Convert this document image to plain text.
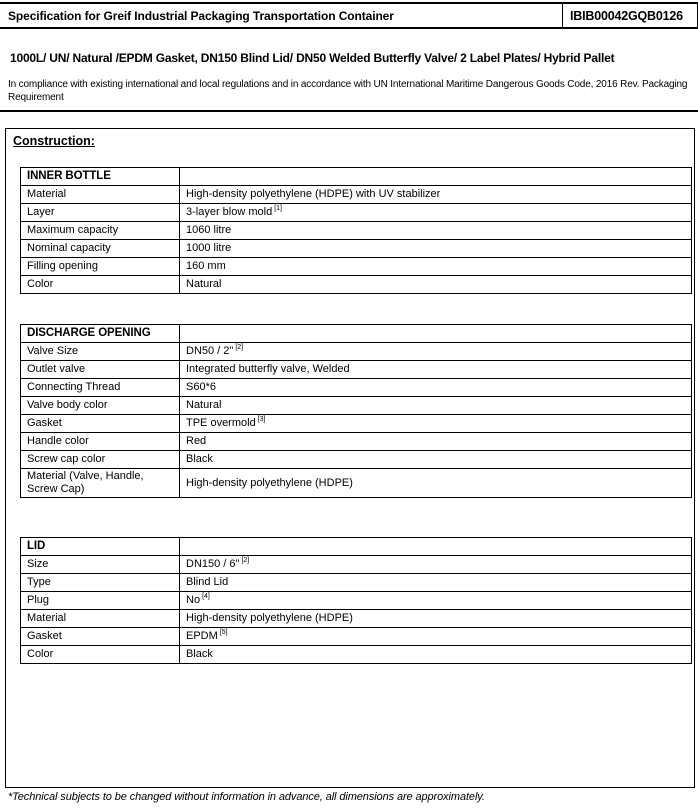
Specification for Greif Industrial Packaging Transportation Container	IBIB00042GQB0126
1000L/ UN/ Natural /EPDM Gasket, DN150 Blind Lid/ DN50 Welded Butterfly Valve/ 2 Label Plates/ Hybrid Pallet
In compliance with existing international and local regulations and in accordance with UN International Maritime Dangerous Goods Code, 2016 Rev. Packaging Requirement
Construction:
INNER BOTTLE	
Material	High-density polyethylene (HDPE) with UV stabilizer
Layer	3-layer blow mold [1]
Maximum capacity	1060 litre
Nominal capacity	1000 litre
Filling opening	160 mm
Color	Natural
DISCHARGE OPENING	
Valve Size	DN50 / 2" [2]
Outlet valve	Integrated butterfly valve, Welded
Connecting Thread	S60*6
Valve body color	Natural
Gasket	TPE overmold [3]
Handle color	Red
Screw cap color	Black
Material (Valve, Handle, Screw Cap)	High-density polyethylene (HDPE)
LID	
Size	DN150 / 6" [2]
Type	Blind Lid
Plug	No [4]
Material	High-density polyethylene (HDPE)
Gasket	EPDM [5]
Color	Black
*Technical subjects to be changed without information in advance, all dimensions are approximately.
